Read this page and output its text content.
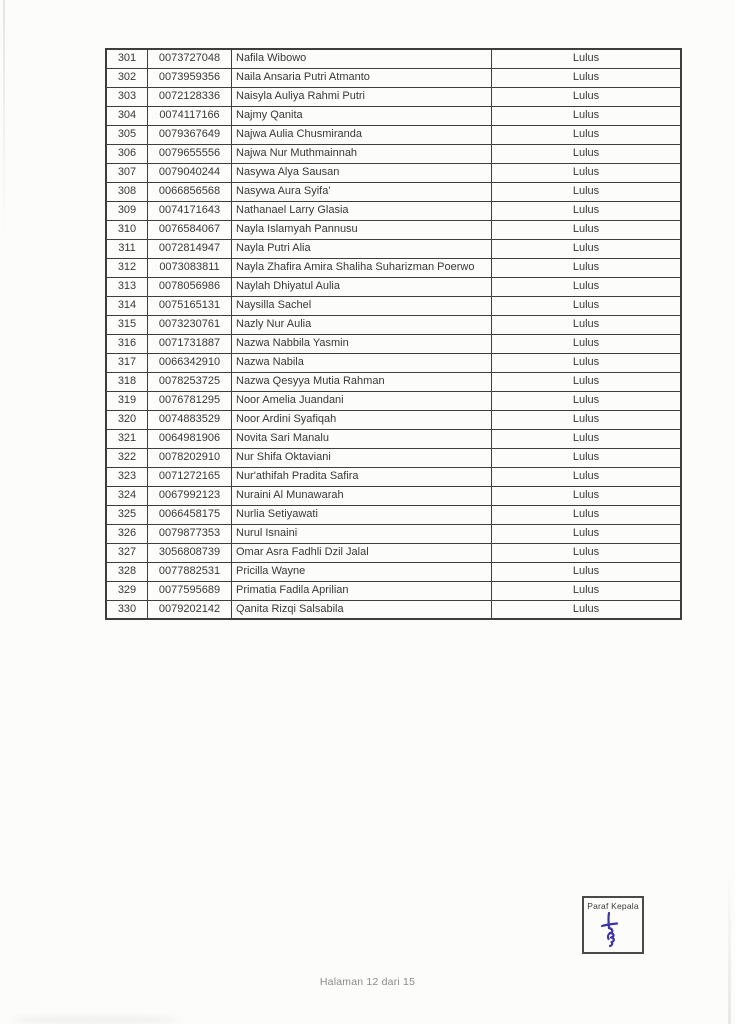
301	0073727048	Nafila Wibowo	Lulus
302	0073959356	Naila Ansaria Putri Atmanto	Lulus
303	0072128336	Naisyla Auliya Rahmi Putri	Lulus
304	0074117166	Najmy Qanita	Lulus
305	0079367649	Najwa Aulia Chusmiranda	Lulus
306	0079655556	Najwa Nur Muthmainnah	Lulus
307	0079040244	Nasywa Alya Sausan	Lulus
308	0066856568	Nasywa Aura Syifa'	Lulus
309	0074171643	Nathanael Larry Glasia	Lulus
310	0076584067	Nayla Islamyah Pannusu	Lulus
311	0072814947	Nayla Putri Alia	Lulus
312	0073083811	Nayla Zhafira Amira Shaliha Suharizman Poerwo	Lulus
313	0078056986	Naylah Dhiyatul Aulia	Lulus
314	0075165131	Naysilla Sachel	Lulus
315	0073230761	Nazly Nur Aulia	Lulus
316	0071731887	Nazwa Nabbila Yasmin	Lulus
317	0066342910	Nazwa Nabila	Lulus
318	0078253725	Nazwa Qesyya Mutia Rahman	Lulus
319	0076781295	Noor Amelia Juandani	Lulus
320	0074883529	Noor Ardini Syafiqah	Lulus
321	0064981906	Novita Sari Manalu	Lulus
322	0078202910	Nur Shifa Oktaviani	Lulus
323	0071272165	Nur'athifah Pradita Safira	Lulus
324	0067992123	Nuraini Al Munawarah	Lulus
325	0066458175	Nurlia Setiyawati	Lulus
326	0079877353	Nurul Isnaini	Lulus
327	3056808739	Omar Asra Fadhli Dzil Jalal	Lulus
328	0077882531	Pricilla Wayne	Lulus
329	0077595689	Primatia Fadila Aprilian	Lulus
330	0079202142	Qanita Rizqi Salsabila	Lulus
Paraf Kepala
Halaman 12 dari 15
